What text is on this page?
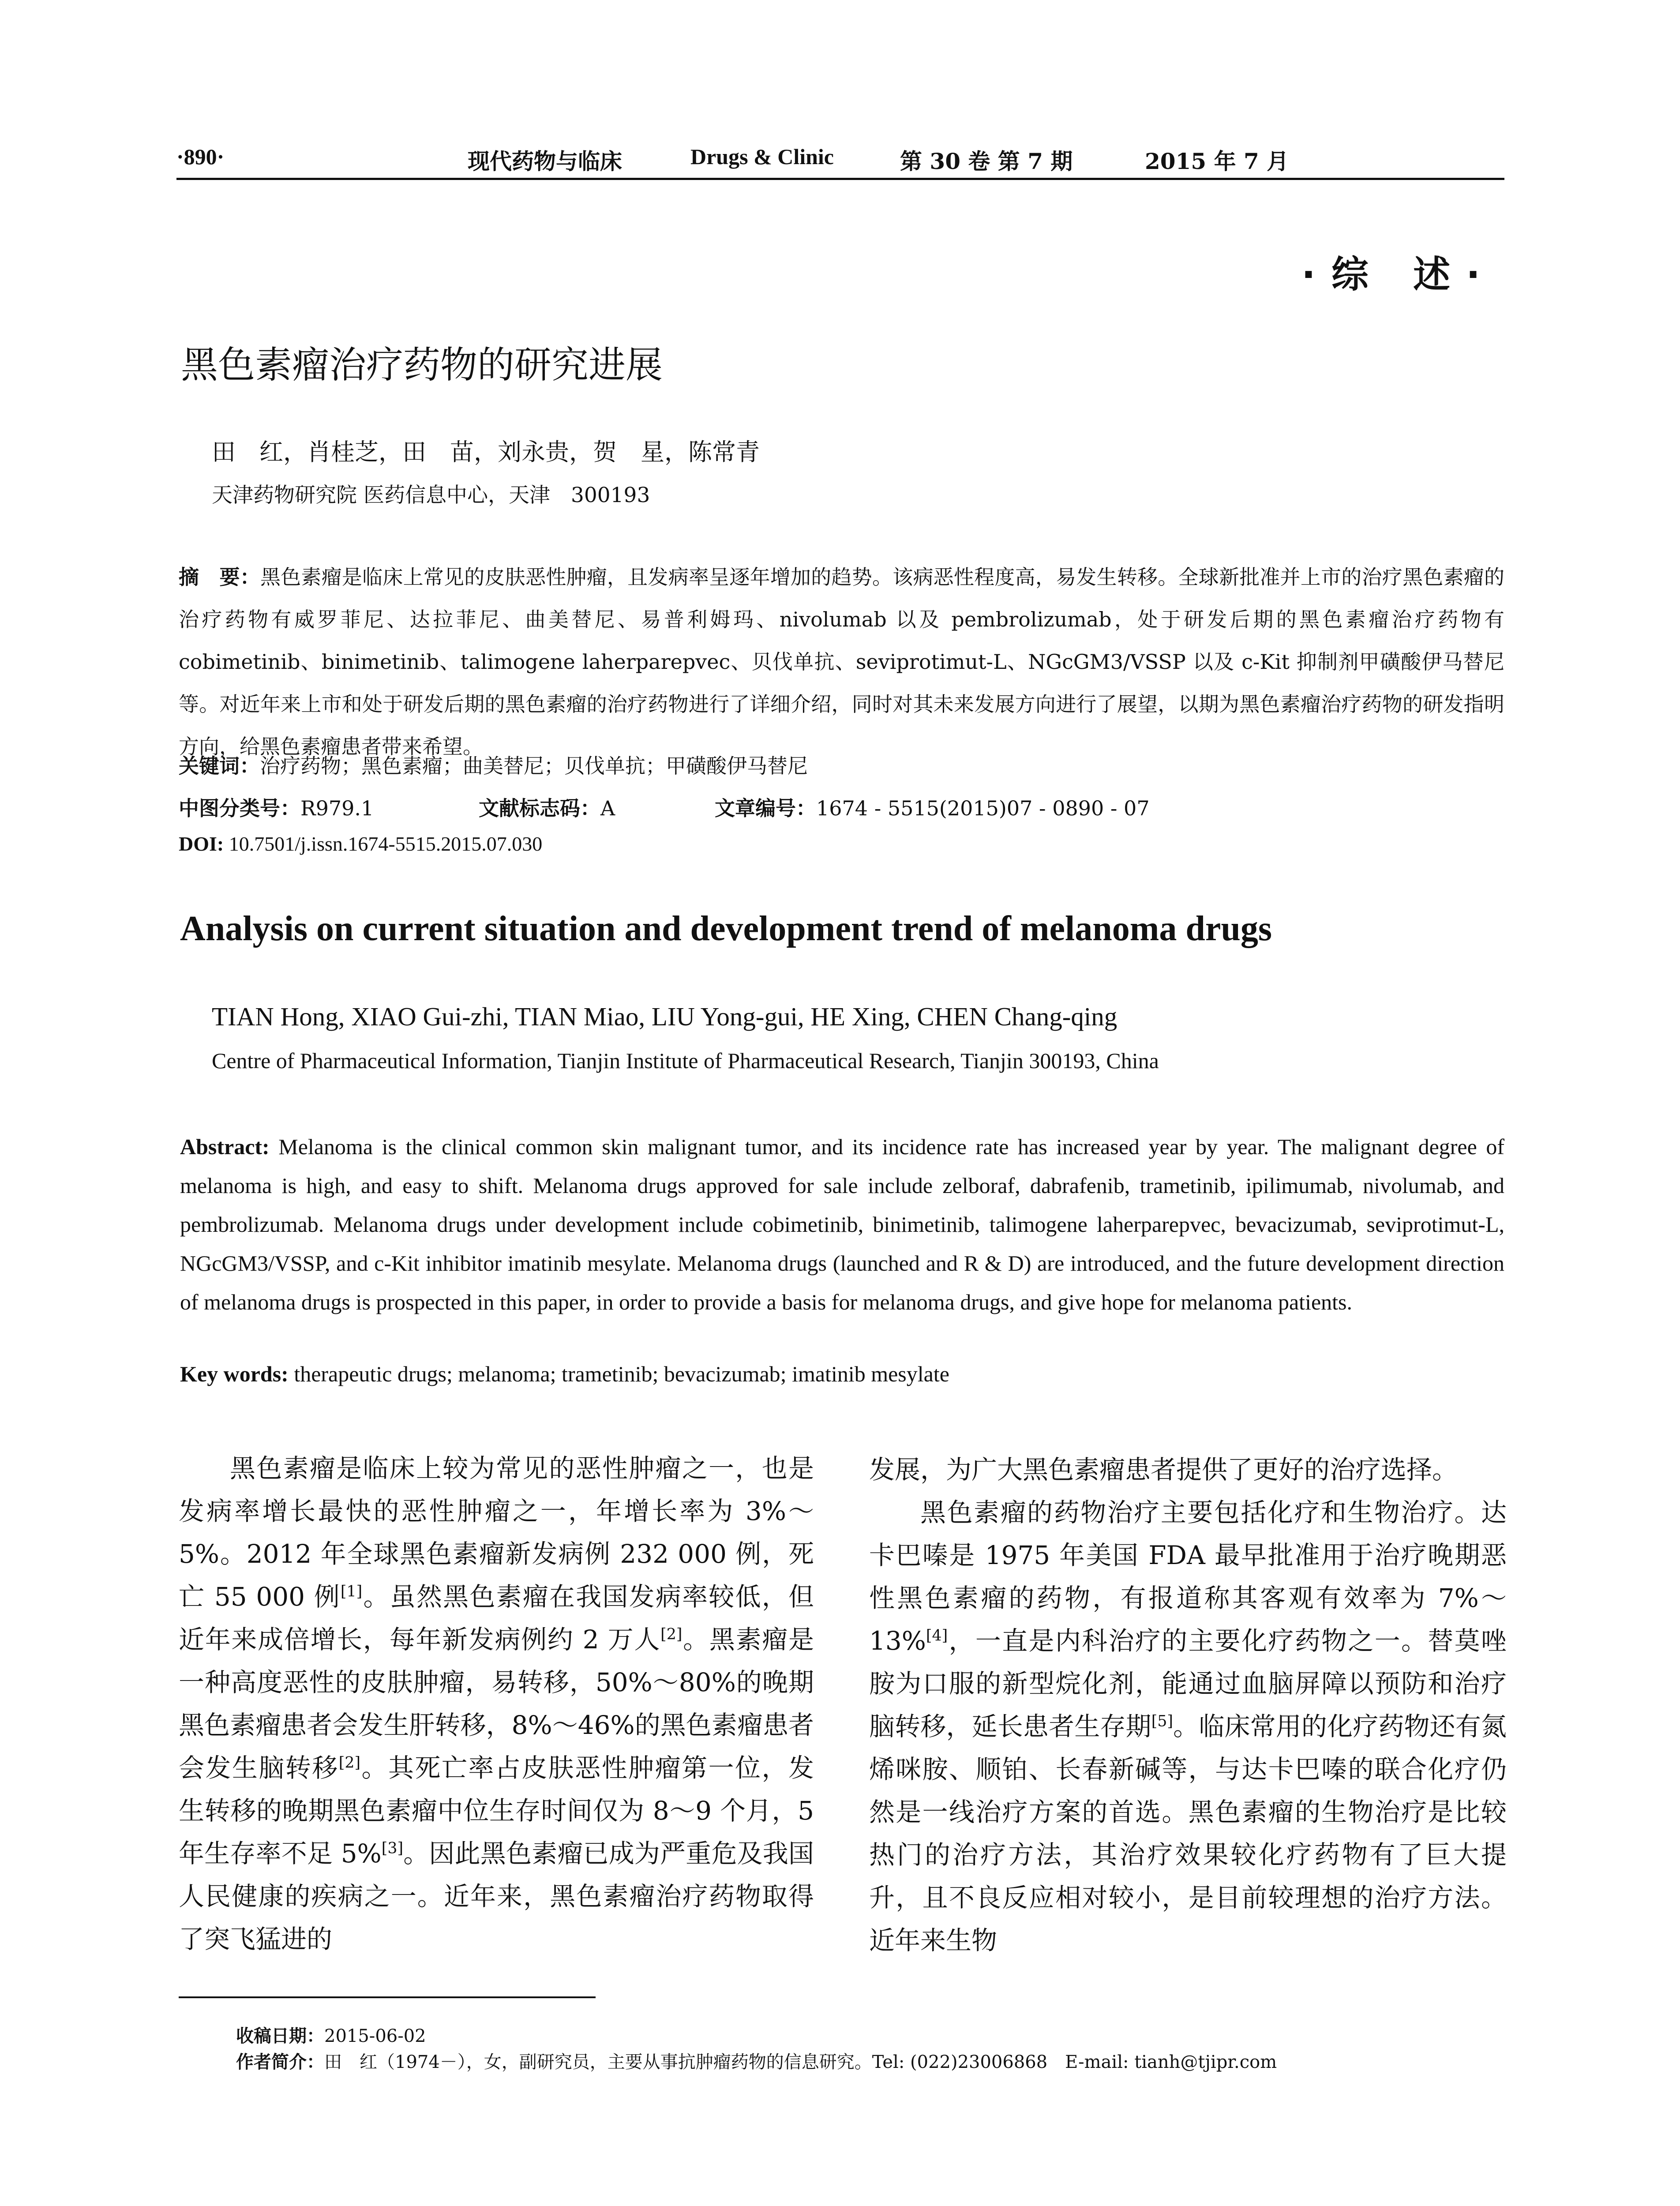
·890·	现代药物与临床	Drugs & Clinic	第 30 卷 第 7 期	2015 年 7 月
·综 述·
黑色素瘤治疗药物的研究进展
田　红，肖桂芝，田　苗，刘永贵，贺　星，陈常青
天津药物研究院 医药信息中心，天津　300193
摘　要：黑色素瘤是临床上常见的皮肤恶性肿瘤，且发病率呈逐年增加的趋势。该病恶性程度高，易发生转移。全球新批准并上市的治疗黑色素瘤的治疗药物有威罗菲尼、达拉菲尼、曲美替尼、易普利姆玛、nivolumab 以及 pembrolizumab，处于研发后期的黑色素瘤治疗药物有 cobimetinib、binimetinib、talimogene laherparepvec、贝伐单抗、seviprotimut-L、NGcGM3/VSSP 以及 c-Kit 抑制剂甲磺酸伊马替尼等。对近年来上市和处于研发后期的黑色素瘤的治疗药物进行了详细介绍，同时对其未来发展方向进行了展望，以期为黑色素瘤治疗药物的研发指明方向，给黑色素瘤患者带来希望。
关键词：治疗药物；黑色素瘤；曲美替尼；贝伐单抗；甲磺酸伊马替尼
中图分类号：R979.1	文献标志码：A	文章编号：1674 - 5515(2015)07 - 0890 - 07
DOI: 10.7501/j.issn.1674-5515.2015.07.030
Analysis on current situation and development trend of melanoma drugs
TIAN Hong, XIAO Gui-zhi, TIAN Miao, LIU Yong-gui, HE Xing, CHEN Chang-qing
Centre of Pharmaceutical Information, Tianjin Institute of Pharmaceutical Research, Tianjin 300193, China
Abstract: Melanoma is the clinical common skin malignant tumor, and its incidence rate has increased year by year. The malignant degree of melanoma is high, and easy to shift. Melanoma drugs approved for sale include zelboraf, dabrafenib, trametinib, ipilimumab, nivolumab, and pembrolizumab. Melanoma drugs under development include cobimetinib, binimetinib, talimogene laherparepvec, bevacizumab, seviprotimut-L, NGcGM3/VSSP, and c-Kit inhibitor imatinib mesylate. Melanoma drugs (launched and R & D) are introduced, and the future development direction of melanoma drugs is prospected in this paper, in order to provide a basis for melanoma drugs, and give hope for melanoma patients.
Key words: therapeutic drugs; melanoma; trametinib; bevacizumab; imatinib mesylate

黑色素瘤是临床上较为常见的恶性肿瘤之一，也是发病率增长最快的恶性肿瘤之一，年增长率为 3%～5%。2012 年全球黑色素瘤新发病例 232 000 例，死亡 55 000 例[1]。虽然黑色素瘤在我国发病率较低，但近年来成倍增长，每年新发病例约 2 万人[2]。黑素瘤是一种高度恶性的皮肤肿瘤，易转移，50%～80%的晚期黑色素瘤患者会发生肝转移，8%～46%的黑色素瘤患者会发生脑转移[2]。其死亡率占皮肤恶性肿瘤第一位，发生转移的晚期黑色素瘤中位生存时间仅为 8～9 个月，5 年生存率不足 5%[3]。因此黑色素瘤已成为严重危及我国人民健康的疾病之一。近年来，黑色素瘤治疗药物取得了突飞猛进的

发展，为广大黑色素瘤患者提供了更好的治疗选择。

黑色素瘤的药物治疗主要包括化疗和生物治疗。达卡巴嗪是 1975 年美国 FDA 最早批准用于治疗晚期恶性黑色素瘤的药物，有报道称其客观有效率为 7%～13%[4]，一直是内科治疗的主要化疗药物之一。替莫唑胺为口服的新型烷化剂，能通过血脑屏障以预防和治疗脑转移，延长患者生存期[5]。临床常用的化疗药物还有氮烯咪胺、顺铂、长春新碱等，与达卡巴嗪的联合化疗仍然是一线治疗方案的首选。黑色素瘤的生物治疗是比较热门的治疗方法，其治疗效果较化疗药物有了巨大提升，且不良反应相对较小，是目前较理想的治疗方法。近年来生物

收稿日期：2015-06-02
作者简介：田　红（1974－），女，副研究员，主要从事抗肿瘤药物的信息研究。Tel: (022)23006868　E-mail: tianh@tjipr.com
